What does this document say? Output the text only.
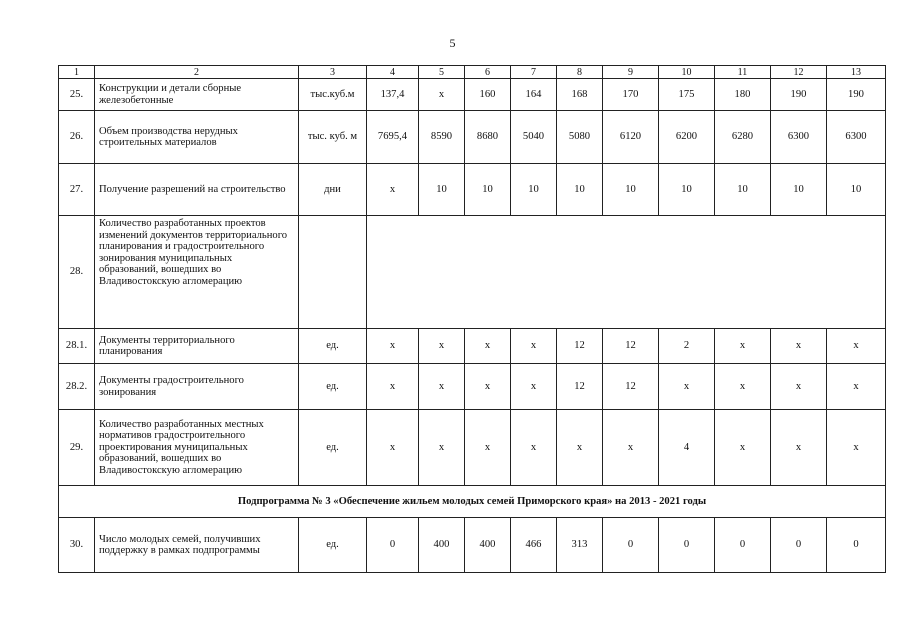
5
1	2	3	4	5	6	7	8	9	10	11	12	13
25.	Конструкции и детали сборные железобетонные	тыс.куб.м	137,4	x	160	164	168	170	175	180	190	190
26.	Объем производства нерудных строительных материалов	тыс. куб. м	7695,4	8590	8680	5040	5080	6120	6200	6280	6300	6300
27.	Получение разрешений на строительство	дни	x	10	10	10	10	10	10	10	10	10
28.	Количество разработанных проектов изменений документов территориального планирования и градостроительного зонирования муниципальных образований, вошедших во Владивостокскую агломерацию											
28.1.	Документы территориального планирования	ед.	x	x	x	x	12	12	2	x	x	x
28.2.	Документы градостроительного зонирования	ед.	x	x	x	x	12	12	x	x	x	x
29.	Количество разработанных местных нормативов градостроительного проектирования муниципальных образований, вошедших во Владивостокскую агломерацию	ед.	x	x	x	x	x	x	4	x	x	x
Подпрограмма № 3 «Обеспечение жильем молодых семей Приморского края» на 2013 - 2021 годы												
30.	Число молодых семей, получивших поддержку в рамках подпрограммы	ед.	0	400	400	466	313	0	0	0	0	0
